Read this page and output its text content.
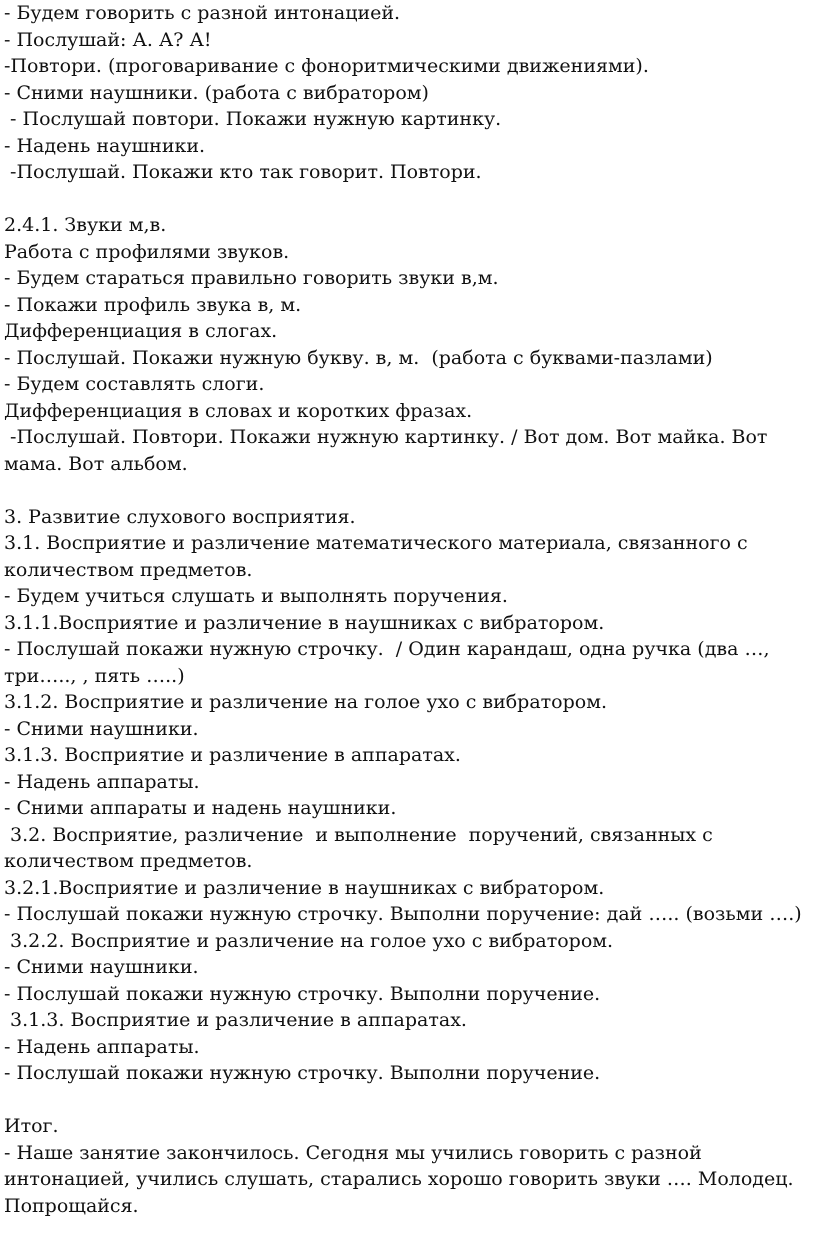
- Будем говорить с разной интонацией.
- Послушай: А. А? А!
-Повтори. (проговаривание с фоноритмическими движениями).
- Сними наушники. (работа с вибратором)
- Послушай повтори. Покажи нужную картинку.
- Надень наушники.
-Послушай. Покажи кто так говорит. Повтори.
2.4.1. Звуки м,в.
Работа с профилями звуков.
- Будем стараться правильно говорить звуки в,м.
- Покажи профиль звука в, м.
Дифференциация в слогах.
- Послушай. Покажи нужную букву. в, м.  (работа с буквами-пазлами)
- Будем составлять слоги.
Дифференциация в словах и коротких фразах.
-Послушай. Повтори. Покажи нужную картинку. / Вот дом. Вот майка. Вот
мама. Вот альбом.
3. Развитие слухового восприятия.
3.1. Восприятие и различение математического материала, связанного с
количеством предметов.
- Будем учиться слушать и выполнять поручения.
3.1.1.Восприятие и различение в наушниках с вибратором.
- Послушай покажи нужную строчку.  / Один карандаш, одна ручка (два …,
три….., , пять …..)
3.1.2. Восприятие и различение на голое ухо с вибратором.
- Сними наушники.
3.1.3. Восприятие и различение в аппаратах.
- Надень аппараты.
- Сними аппараты и надень наушники.
3.2. Восприятие, различение  и выполнение  поручений, связанных с
количеством предметов.
3.2.1.Восприятие и различение в наушниках с вибратором.
- Послушай покажи нужную строчку. Выполни поручение: дай ….. (возьми ….)
3.2.2. Восприятие и различение на голое ухо с вибратором.
- Сними наушники.
- Послушай покажи нужную строчку. Выполни поручение.
3.1.3. Восприятие и различение в аппаратах.
- Надень аппараты.
- Послушай покажи нужную строчку. Выполни поручение.
Итог.
- Наше занятие закончилось. Сегодня мы учились говорить с разной
интонацией, учились слушать, старались хорошо говорить звуки …. Молодец.
Попрощайся.
